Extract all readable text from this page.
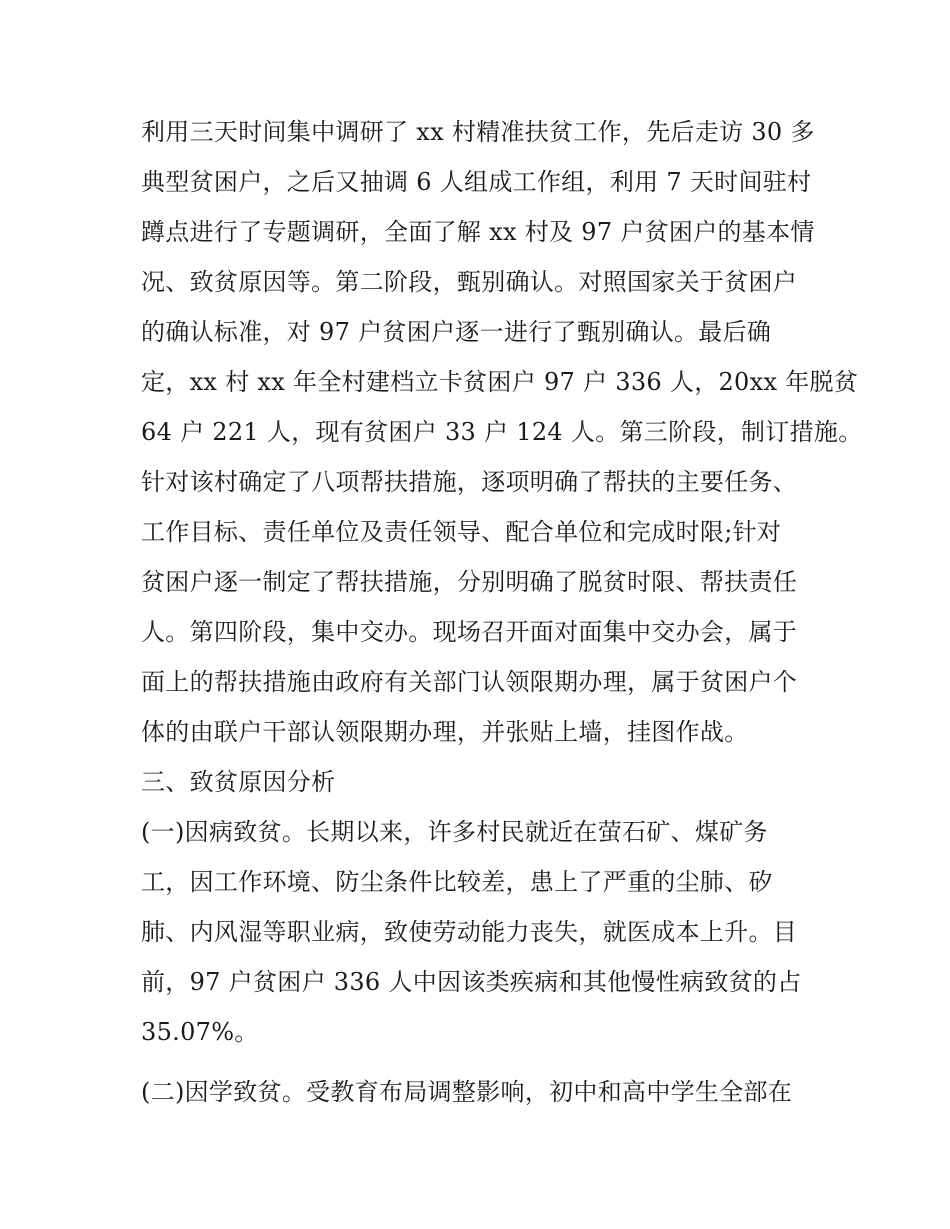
利用三天时间集中调研了 xx 村精准扶贫工作，先后走访 30 多
典型贫困户，之后又抽调 6 人组成工作组，利用 7 天时间驻村
蹲点进行了专题调研，全面了解 xx 村及 97 户贫困户的基本情
况、致贫原因等。第二阶段，甄别确认。对照国家关于贫困户
的确认标准，对 97 户贫困户逐一进行了甄别确认。最后确
定，xx 村 xx 年全村建档立卡贫困户 97 户 336 人，20xx 年脱贫
64 户 221 人，现有贫困户 33 户 124 人。第三阶段，制订措施。
针对该村确定了八项帮扶措施，逐项明确了帮扶的主要任务、
工作目标、责任单位及责任领导、配合单位和完成时限;针对
贫困户逐一制定了帮扶措施，分别明确了脱贫时限、帮扶责任
人。第四阶段，集中交办。现场召开面对面集中交办会，属于
面上的帮扶措施由政府有关部门认领限期办理，属于贫困户个
体的由联户干部认领限期办理，并张贴上墙，挂图作战。
三、致贫原因分析
(一)因病致贫。长期以来，许多村民就近在萤石矿、煤矿务
工，因工作环境、防尘条件比较差，患上了严重的尘肺、矽
肺、内风湿等职业病，致使劳动能力丧失，就医成本上升。目
前，97 户贫困户 336 人中因该类疾病和其他慢性病致贫的占
35.07%。
(二)因学致贫。受教育布局调整影响，初中和高中学生全部在
